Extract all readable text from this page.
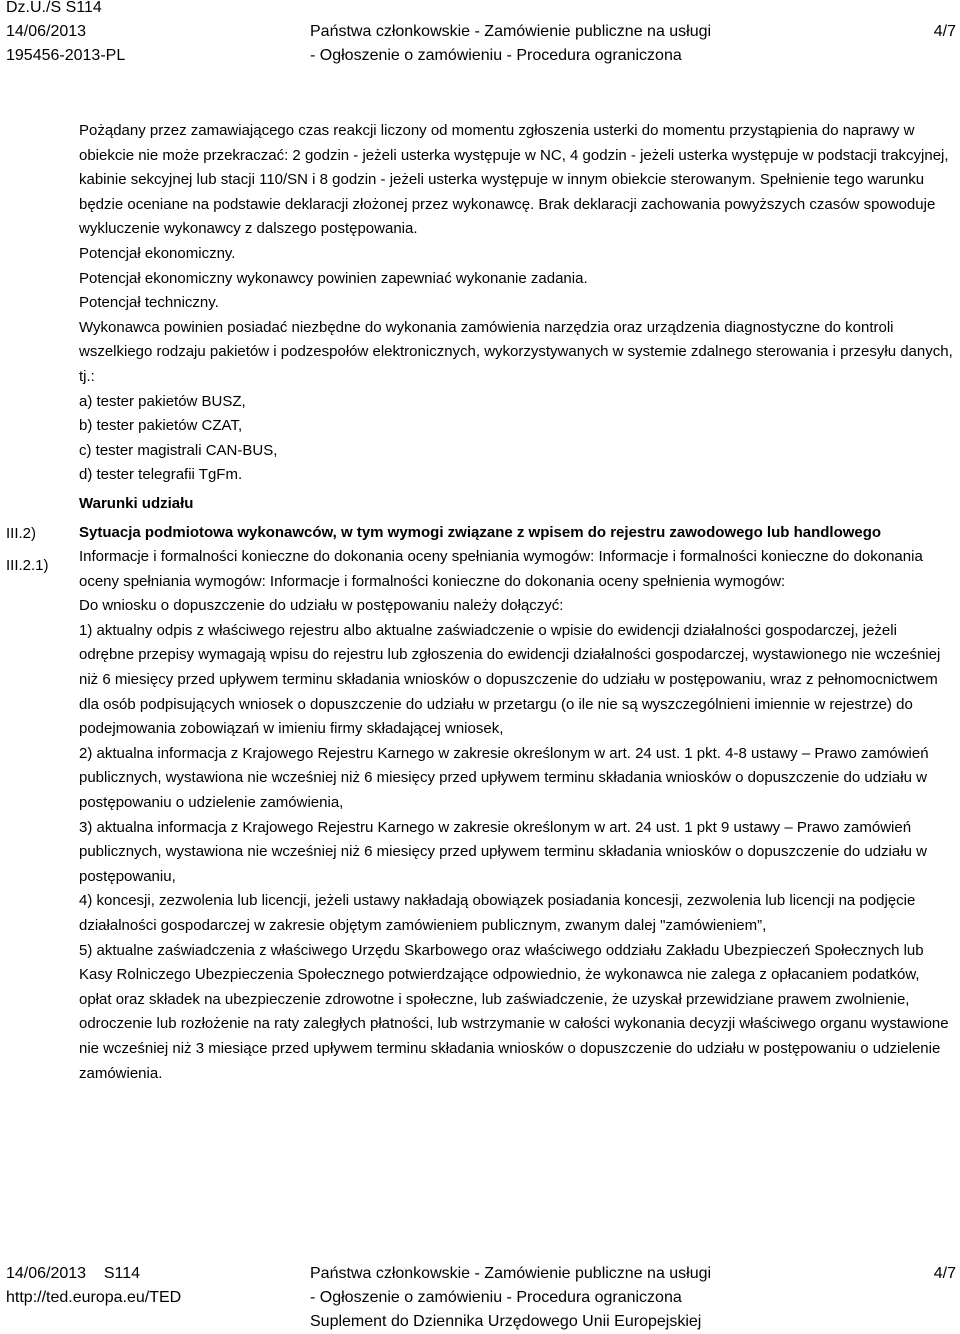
Dz.U./S S114
14/06/2013
195456-2013-PL
Państwa członkowskie - Zamówienie publiczne na usługi
- Ogłoszenie o zamówieniu - Procedura ograniczona
4/7
III.2)
III.2.1)

Pożądany przez zamawiającego czas reakcji liczony od momentu zgłoszenia usterki do momentu przystąpienia do naprawy w obiekcie nie może przekraczać: 2 godzin - jeżeli usterka występuje w NC, 4 godzin - jeżeli usterka występuje w podstacji trakcyjnej, kabinie sekcyjnej lub stacji 110/SN i 8 godzin - jeżeli usterka występuje w innym obiekcie sterowanym. Spełnienie tego warunku będzie oceniane na podstawie deklaracji złożonej przez wykonawcę. Brak deklaracji zachowania powyższych czasów spowoduje wykluczenie wykonawcy z dalszego postępowania.

Potencjał ekonomiczny.

Potencjał ekonomiczny wykonawcy powinien zapewniać wykonanie zadania.

Potencjał techniczny.

Wykonawca powinien posiadać niezbędne do wykonania zamówienia narzędzia oraz urządzenia diagnostyczne do kontroli wszelkiego rodzaju pakietów i podzespołów elektronicznych, wykorzystywanych w systemie zdalnego sterowania i przesyłu danych, tj.:

a) tester pakietów BUSZ,

b) tester pakietów CZAT,

c) tester magistrali CAN-BUS,

d) tester telegrafii TgFm.

Warunki udziału

Sytuacja podmiotowa wykonawców, w tym wymogi związane z wpisem do rejestru zawodowego lub handlowego

Informacje i formalności konieczne do dokonania oceny spełniania wymogów: Informacje i formalności konieczne do dokonania oceny spełniania wymogów: Informacje i formalności konieczne do dokonania oceny spełnienia wymogów:

Do wniosku o dopuszczenie do udziału w postępowaniu należy dołączyć:

1) aktualny odpis z właściwego rejestru albo aktualne zaświadczenie o wpisie do ewidencji działalności gospodarczej, jeżeli odrębne przepisy wymagają wpisu do rejestru lub zgłoszenia do ewidencji działalności gospodarczej, wystawionego nie wcześniej niż 6 miesięcy przed upływem terminu składania wniosków o dopuszczenie do udziału w postępowaniu, wraz z pełnomocnictwem dla osób podpisujących wniosek o dopuszczenie do udziału w przetargu (o ile nie są wyszczególnieni imiennie w rejestrze) do podejmowania zobowiązań w imieniu firmy składającej wniosek,

2) aktualna informacja z Krajowego Rejestru Karnego w zakresie określonym w art. 24 ust. 1 pkt. 4-8 ustawy – Prawo zamówień publicznych, wystawiona nie wcześniej niż 6 miesięcy przed upływem terminu składania wniosków o dopuszczenie do udziału w postępowaniu o udzielenie zamówienia,

3) aktualna informacja z Krajowego Rejestru Karnego w zakresie określonym w art. 24 ust. 1 pkt 9 ustawy – Prawo zamówień publicznych, wystawiona nie wcześniej niż 6 miesięcy przed upływem terminu składania wniosków o dopuszczenie do udziału w postępowaniu,

4) koncesji, zezwolenia lub licencji, jeżeli ustawy nakładają obowiązek posiadania koncesji, zezwolenia lub licencji na podjęcie działalności gospodarczej w zakresie objętym zamówieniem publicznym, zwanym dalej "zamówieniem”,

5) aktualne zaświadczenia z właściwego Urzędu Skarbowego oraz właściwego oddziału Zakładu Ubezpieczeń Społecznych lub Kasy Rolniczego Ubezpieczenia Społecznego potwierdzające odpowiednio, że wykonawca nie zalega z opłacaniem podatków, opłat oraz składek na ubezpieczenie zdrowotne i społeczne, lub zaświadczenie, że uzyskał przewidziane prawem zwolnienie, odroczenie lub rozłożenie na raty zaległych płatności, lub wstrzymanie w całości wykonania decyzji właściwego organu wystawione nie wcześniej niż 3 miesiące przed upływem terminu składania wniosków o dopuszczenie do udziału w postępowaniu o udzielenie zamówienia.

14/06/2013 S114
http://ted.europa.eu/TED
Państwa członkowskie - Zamówienie publiczne na usługi
- Ogłoszenie o zamówieniu - Procedura ograniczona
Suplement do Dziennika Urzędowego Unii Europejskiej
4/7
